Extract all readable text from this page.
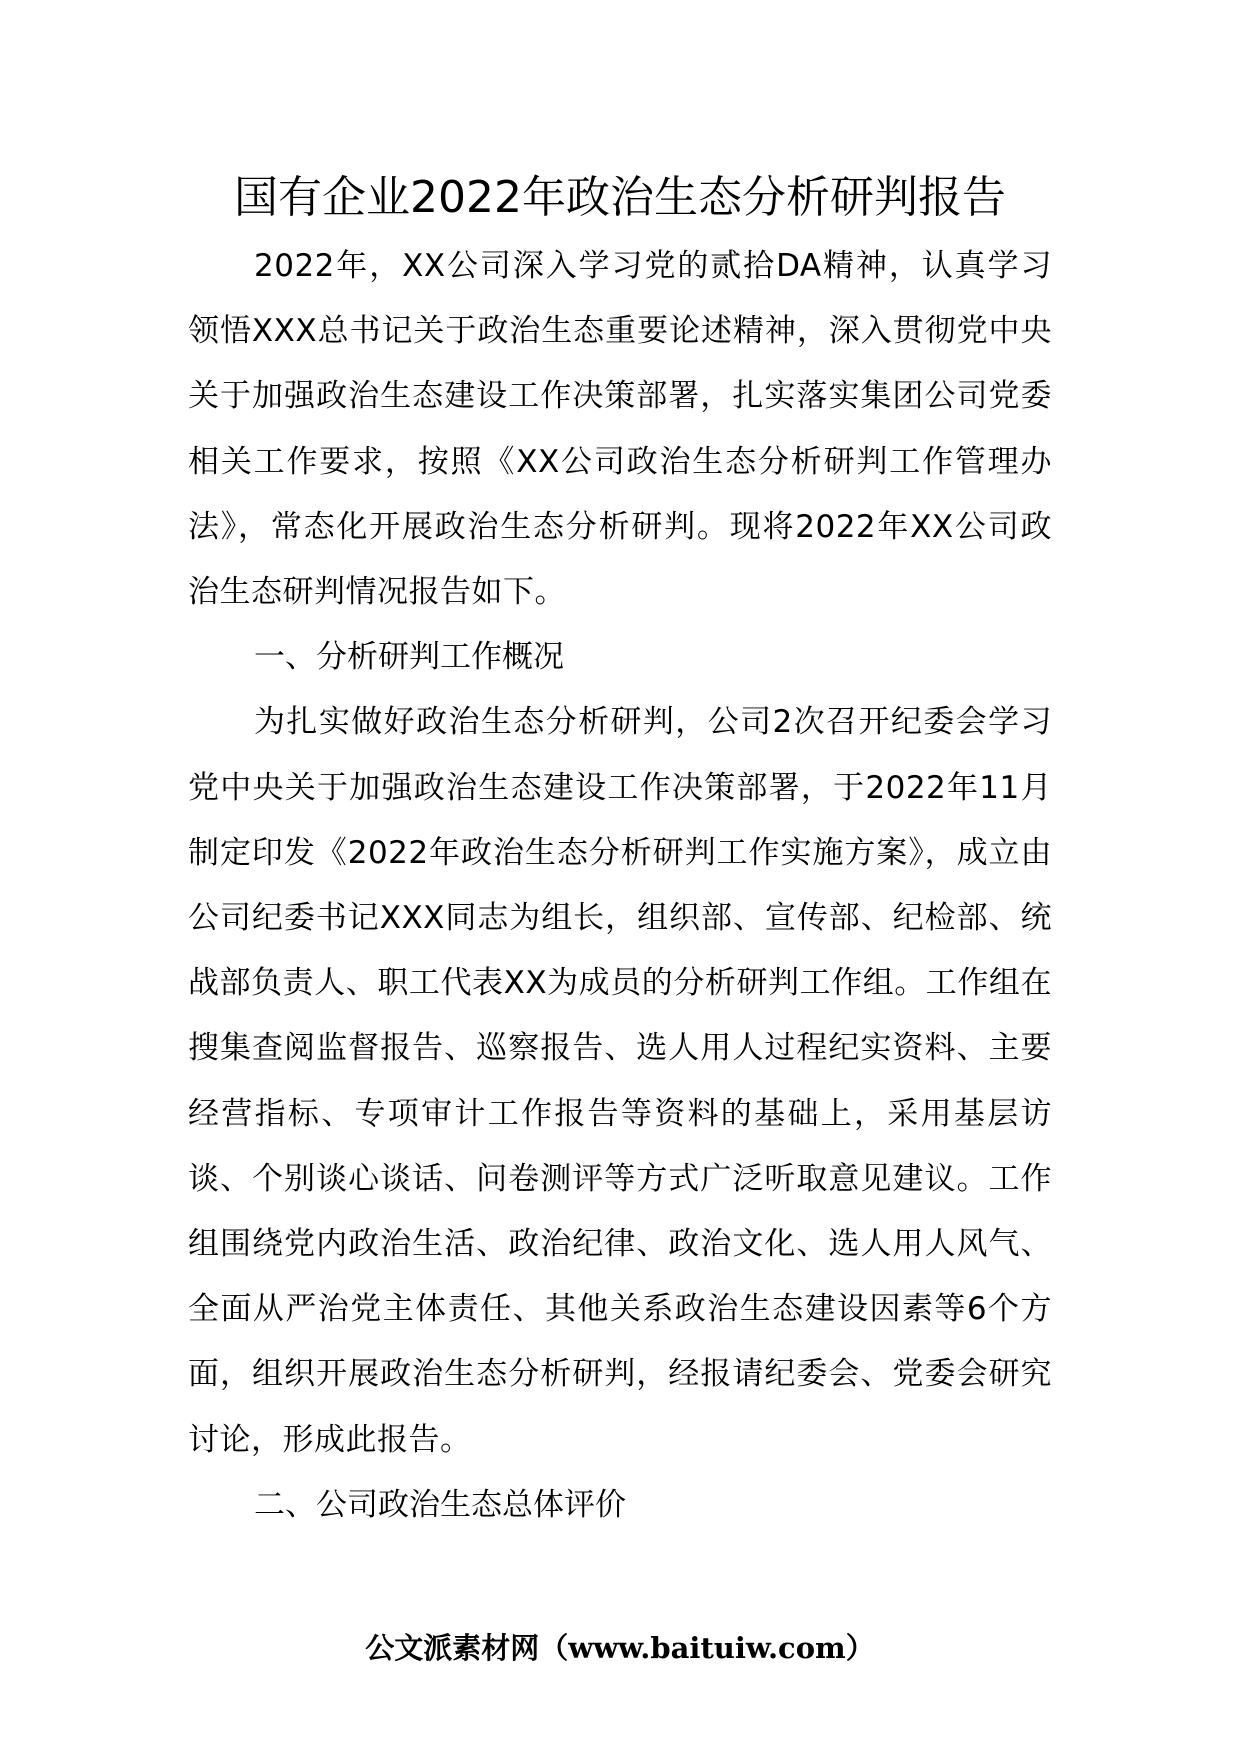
国有企业2022年政治生态分析研判报告

2022年，XX公司深入学习党的贰拾DA精神，认真学习领悟XXX总书记关于政治生态重要论述精神，深入贯彻党中央关于加强政治生态建设工作决策部署，扎实落实集团公司党委相关工作要求，按照《XX公司政治生态分析研判工作管理办法》，常态化开展政治生态分析研判。现将2022年XX公司政治生态研判情况报告如下。

一、分析研判工作概况

为扎实做好政治生态分析研判，公司2次召开纪委会学习党中央关于加强政治生态建设工作决策部署，于2022年11月制定印发《2022年政治生态分析研判工作实施方案》，成立由公司纪委书记XXX同志为组长，组织部、宣传部、纪检部、统战部负责人、职工代表XX为成员的分析研判工作组。工作组在搜集查阅监督报告、巡察报告、选人用人过程纪实资料、主要经营指标、专项审计工作报告等资料的基础上，采用基层访谈、个别谈心谈话、问卷测评等方式广泛听取意见建议。工作组围绕党内政治生活、政治纪律、政治文化、选人用人风气、全面从严治党主体责任、其他关系政治生态建设因素等6个方面，组织开展政治生态分析研判，经报请纪委会、党委会研究讨论，形成此报告。

二、公司政治生态总体评价

公文派素材网（www.baituiw.com）
